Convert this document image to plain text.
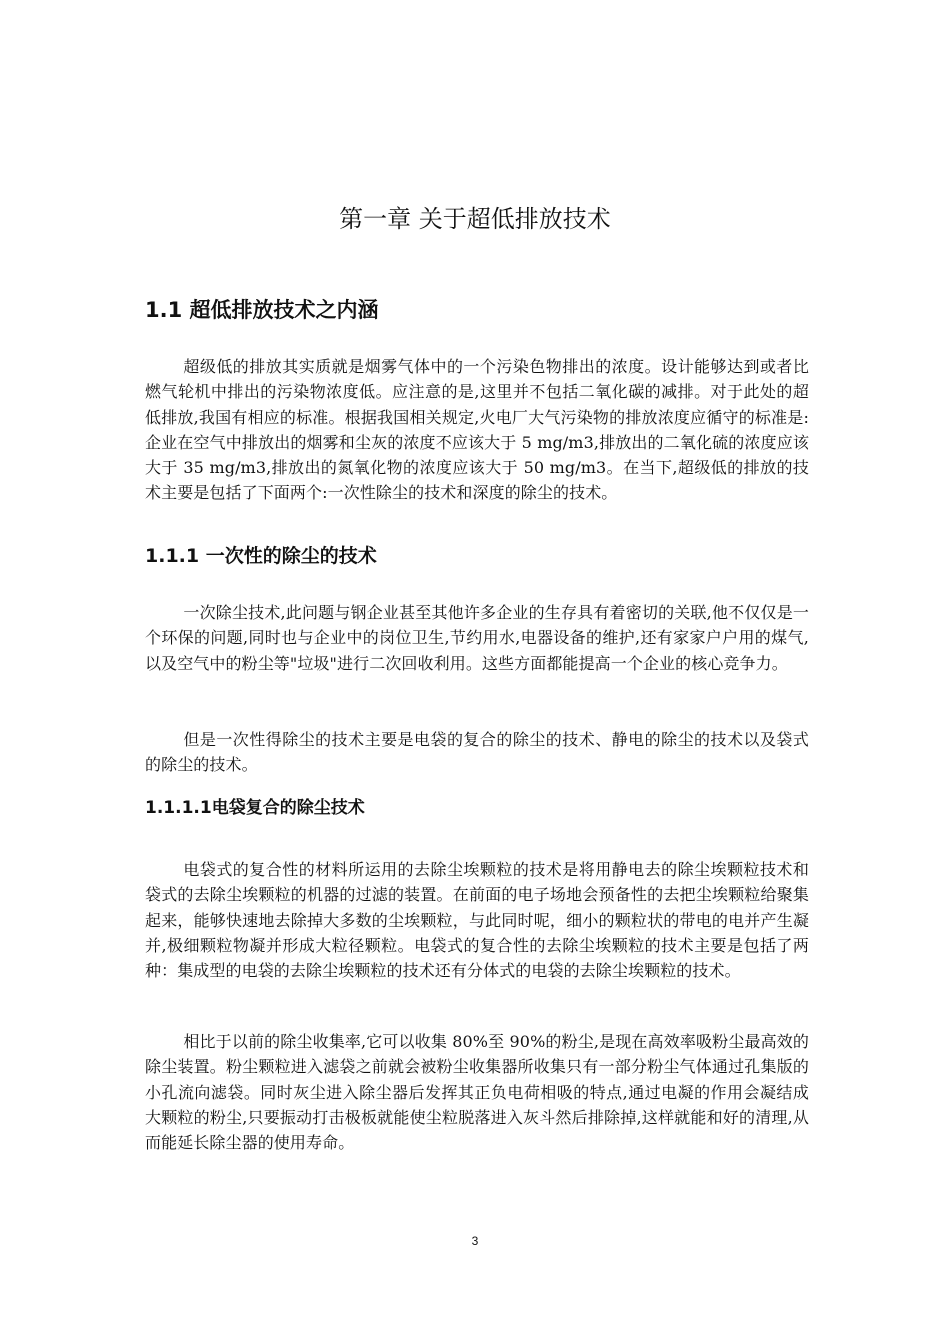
第一章 关于超低排放技术
1.1 超低排放技术之内涵

超级低的排放其实质就是烟雾气体中的一个污染色物排出的浓度。设计能够达到或者比燃气轮机中排出的污染物浓度低。应注意的是,这里并不包括二氧化碳的减排。对于此处的超低排放,我国有相应的标准。根据我国相关规定,火电厂大气污染物的排放浓度应循守的标准是:企业在空气中排放出的烟雾和尘灰的浓度不应该大于 5 mg/m3,排放出的二氧化硫的浓度应该大于 35 mg/m3,排放出的氮氧化物的浓度应该大于 50 mg/m3。在当下,超级低的排放的技术主要是包括了下面两个:一次性除尘的技术和深度的除尘的技术。

1.1.1 一次性的除尘的技术

一次除尘技术,此问题与钢企业甚至其他许多企业的生存具有着密切的关联,他不仅仅是一个环保的问题,同时也与企业中的岗位卫生,节约用水,电器设备的维护,还有家家户户用的煤气,以及空气中的粉尘等"垃圾"进行二次回收利用。这些方面都能提高一个企业的核心竞争力。

但是一次性得除尘的技术主要是电袋的复合的除尘的技术、静电的除尘的技术以及袋式的除尘的技术。

1.1.1.1电袋复合的除尘技术

电袋式的复合性的材料所运用的去除尘埃颗粒的技术是将用静电去的除尘埃颗粒技术和袋式的去除尘埃颗粒的机器的过滤的装置。在前面的电子场地会预备性的去把尘埃颗粒给聚集起来，能够快速地去除掉大多数的尘埃颗粒，与此同时呢，细小的颗粒状的带电的电并产生凝并,极细颗粒物凝并形成大粒径颗粒。电袋式的复合性的去除尘埃颗粒的技术主要是包括了两种：集成型的电袋的去除尘埃颗粒的技术还有分体式的电袋的去除尘埃颗粒的技术。

相比于以前的除尘收集率,它可以收集 80%至 90%的粉尘,是现在高效率吸粉尘最高效的除尘装置。粉尘颗粒进入滤袋之前就会被粉尘收集器所收集只有一部分粉尘气体通过孔集版的小孔流向滤袋。同时灰尘进入除尘器后发挥其正负电荷相吸的特点,通过电凝的作用会凝结成大颗粒的粉尘,只要振动打击极板就能使尘粒脱落进入灰斗然后排除掉,这样就能和好的清理,从而能延长除尘器的使用寿命。

3
